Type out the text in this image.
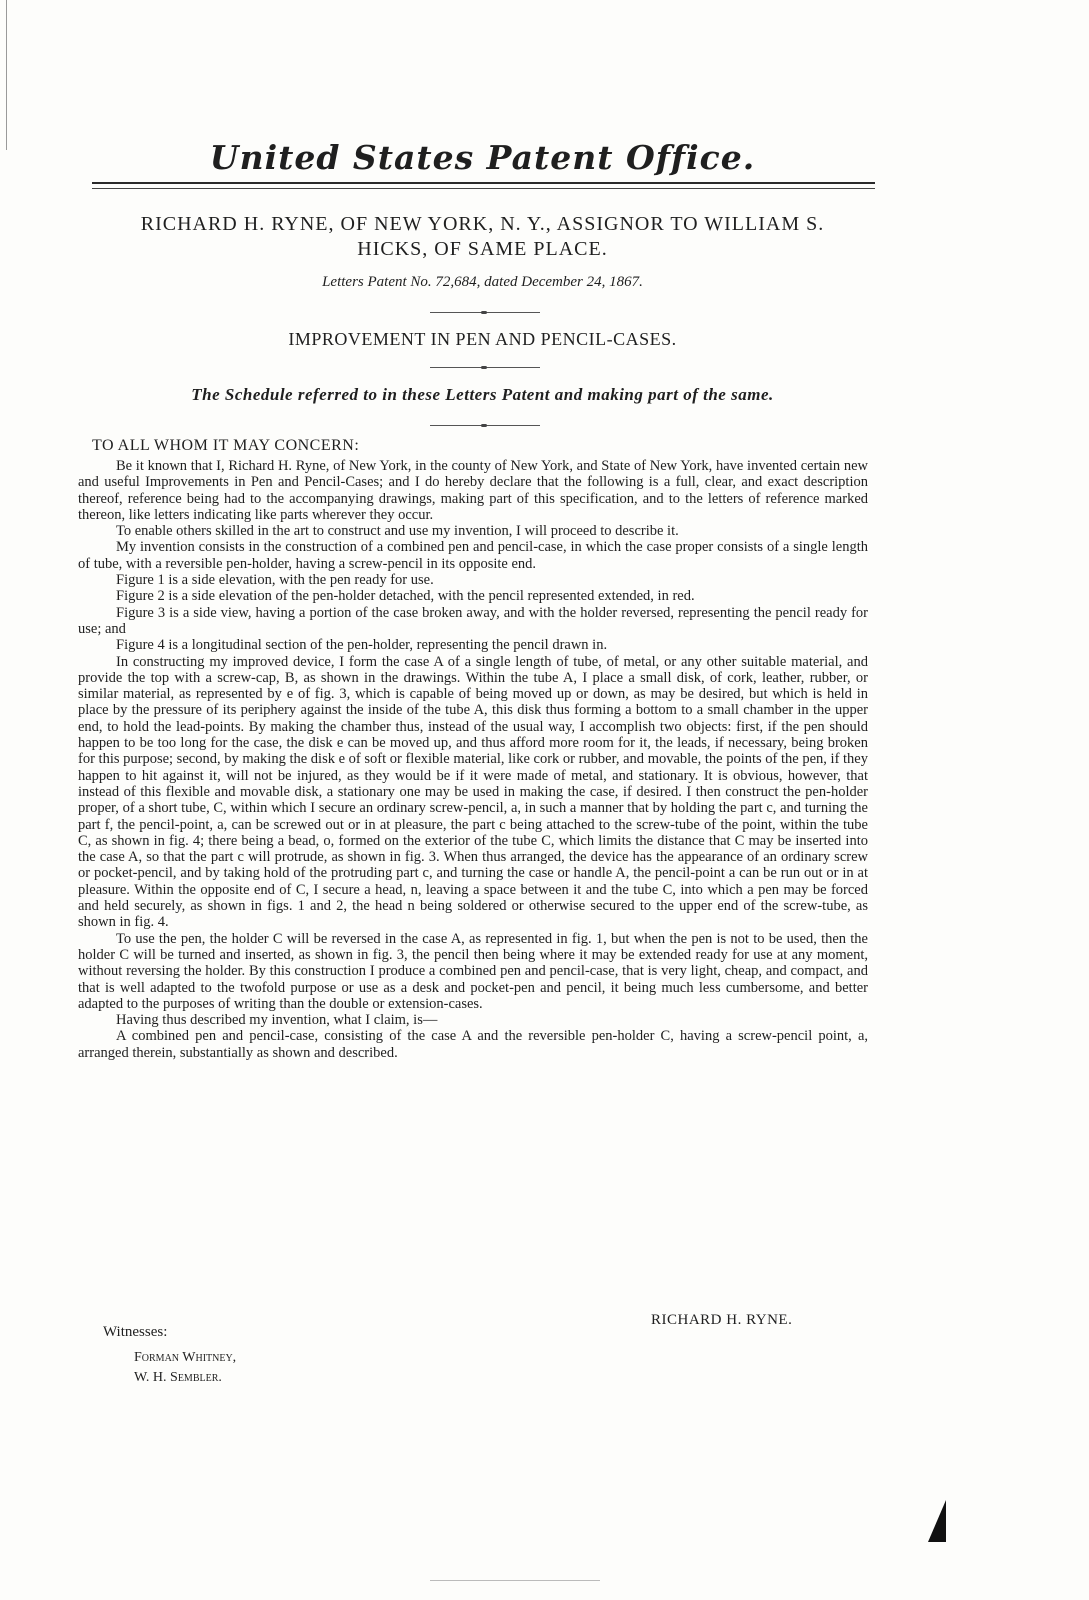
United States Patent Office.
RICHARD H. RYNE, OF NEW YORK, N. Y., ASSIGNOR TO WILLIAM S.
HICKS, OF SAME PLACE.
Letters Patent No. 72,684, dated December 24, 1867.
IMPROVEMENT IN PEN AND PENCIL-CASES.
The Schedule referred to in these Letters Patent and making part of the same.
TO ALL WHOM IT MAY CONCERN:

Be it known that I, Richard H. Ryne, of New York, in the county of New York, and State of New York, have invented certain new and useful Improvements in Pen and Pencil-Cases; and I do hereby declare that the following is a full, clear, and exact description thereof, reference being had to the accompanying drawings, making part of this specification, and to the letters of reference marked thereon, like letters indicating like parts wherever they occur.

To enable others skilled in the art to construct and use my invention, I will proceed to describe it.

My invention consists in the construction of a combined pen and pencil-case, in which the case proper consists of a single length of tube, with a reversible pen-holder, having a screw-pencil in its opposite end.

Figure 1 is a side elevation, with the pen ready for use.

Figure 2 is a side elevation of the pen-holder detached, with the pencil represented extended, in red.

Figure 3 is a side view, having a portion of the case broken away, and with the holder reversed, representing the pencil ready for use; and

Figure 4 is a longitudinal section of the pen-holder, representing the pencil drawn in.

In constructing my improved device, I form the case A of a single length of tube, of metal, or any other suitable material, and provide the top with a screw-cap, B, as shown in the drawings. Within the tube A, I place a small disk, of cork, leather, rubber, or similar material, as represented by e of fig. 3, which is capable of being moved up or down, as may be desired, but which is held in place by the pressure of its periphery against the inside of the tube A, this disk thus forming a bottom to a small chamber in the upper end, to hold the lead-points. By making the chamber thus, instead of the usual way, I accomplish two objects: first, if the pen should happen to be too long for the case, the disk e can be moved up, and thus afford more room for it, the leads, if necessary, being broken for this purpose; second, by making the disk e of soft or flexible material, like cork or rubber, and movable, the points of the pen, if they happen to hit against it, will not be injured, as they would be if it were made of metal, and stationary. It is obvious, however, that instead of this flexible and movable disk, a stationary one may be used in making the case, if desired. I then construct the pen-holder proper, of a short tube, C, within which I secure an ordinary screw-pencil, a, in such a manner that by holding the part c, and turning the part f, the pencil-point, a, can be screwed out or in at pleasure, the part c being attached to the screw-tube of the point, within the tube C, as shown in fig. 4; there being a bead, o, formed on the exterior of the tube C, which limits the distance that C may be inserted into the case A, so that the part c will protrude, as shown in fig. 3. When thus arranged, the device has the appearance of an ordinary screw or pocket-pencil, and by taking hold of the protruding part c, and turning the case or handle A, the pencil-point a can be run out or in at pleasure. Within the opposite end of C, I secure a head, n, leaving a space between it and the tube C, into which a pen may be forced and held securely, as shown in figs. 1 and 2, the head n being soldered or otherwise secured to the upper end of the screw-tube, as shown in fig. 4.

To use the pen, the holder C will be reversed in the case A, as represented in fig. 1, but when the pen is not to be used, then the holder C will be turned and inserted, as shown in fig. 3, the pencil then being where it may be extended ready for use at any moment, without reversing the holder. By this construction I produce a combined pen and pencil-case, that is very light, cheap, and compact, and that is well adapted to the twofold purpose or use as a desk and pocket-pen and pencil, it being much less cumbersome, and better adapted to the purposes of writing than the double or extension-cases.

Having thus described my invention, what I claim, is—

A combined pen and pencil-case, consisting of the case A and the reversible pen-holder C, having a screw-pencil point, a, arranged therein, substantially as shown and described.

RICHARD H. RYNE.
Witnesses:
Forman Whitney,
W. H. Sembler.
